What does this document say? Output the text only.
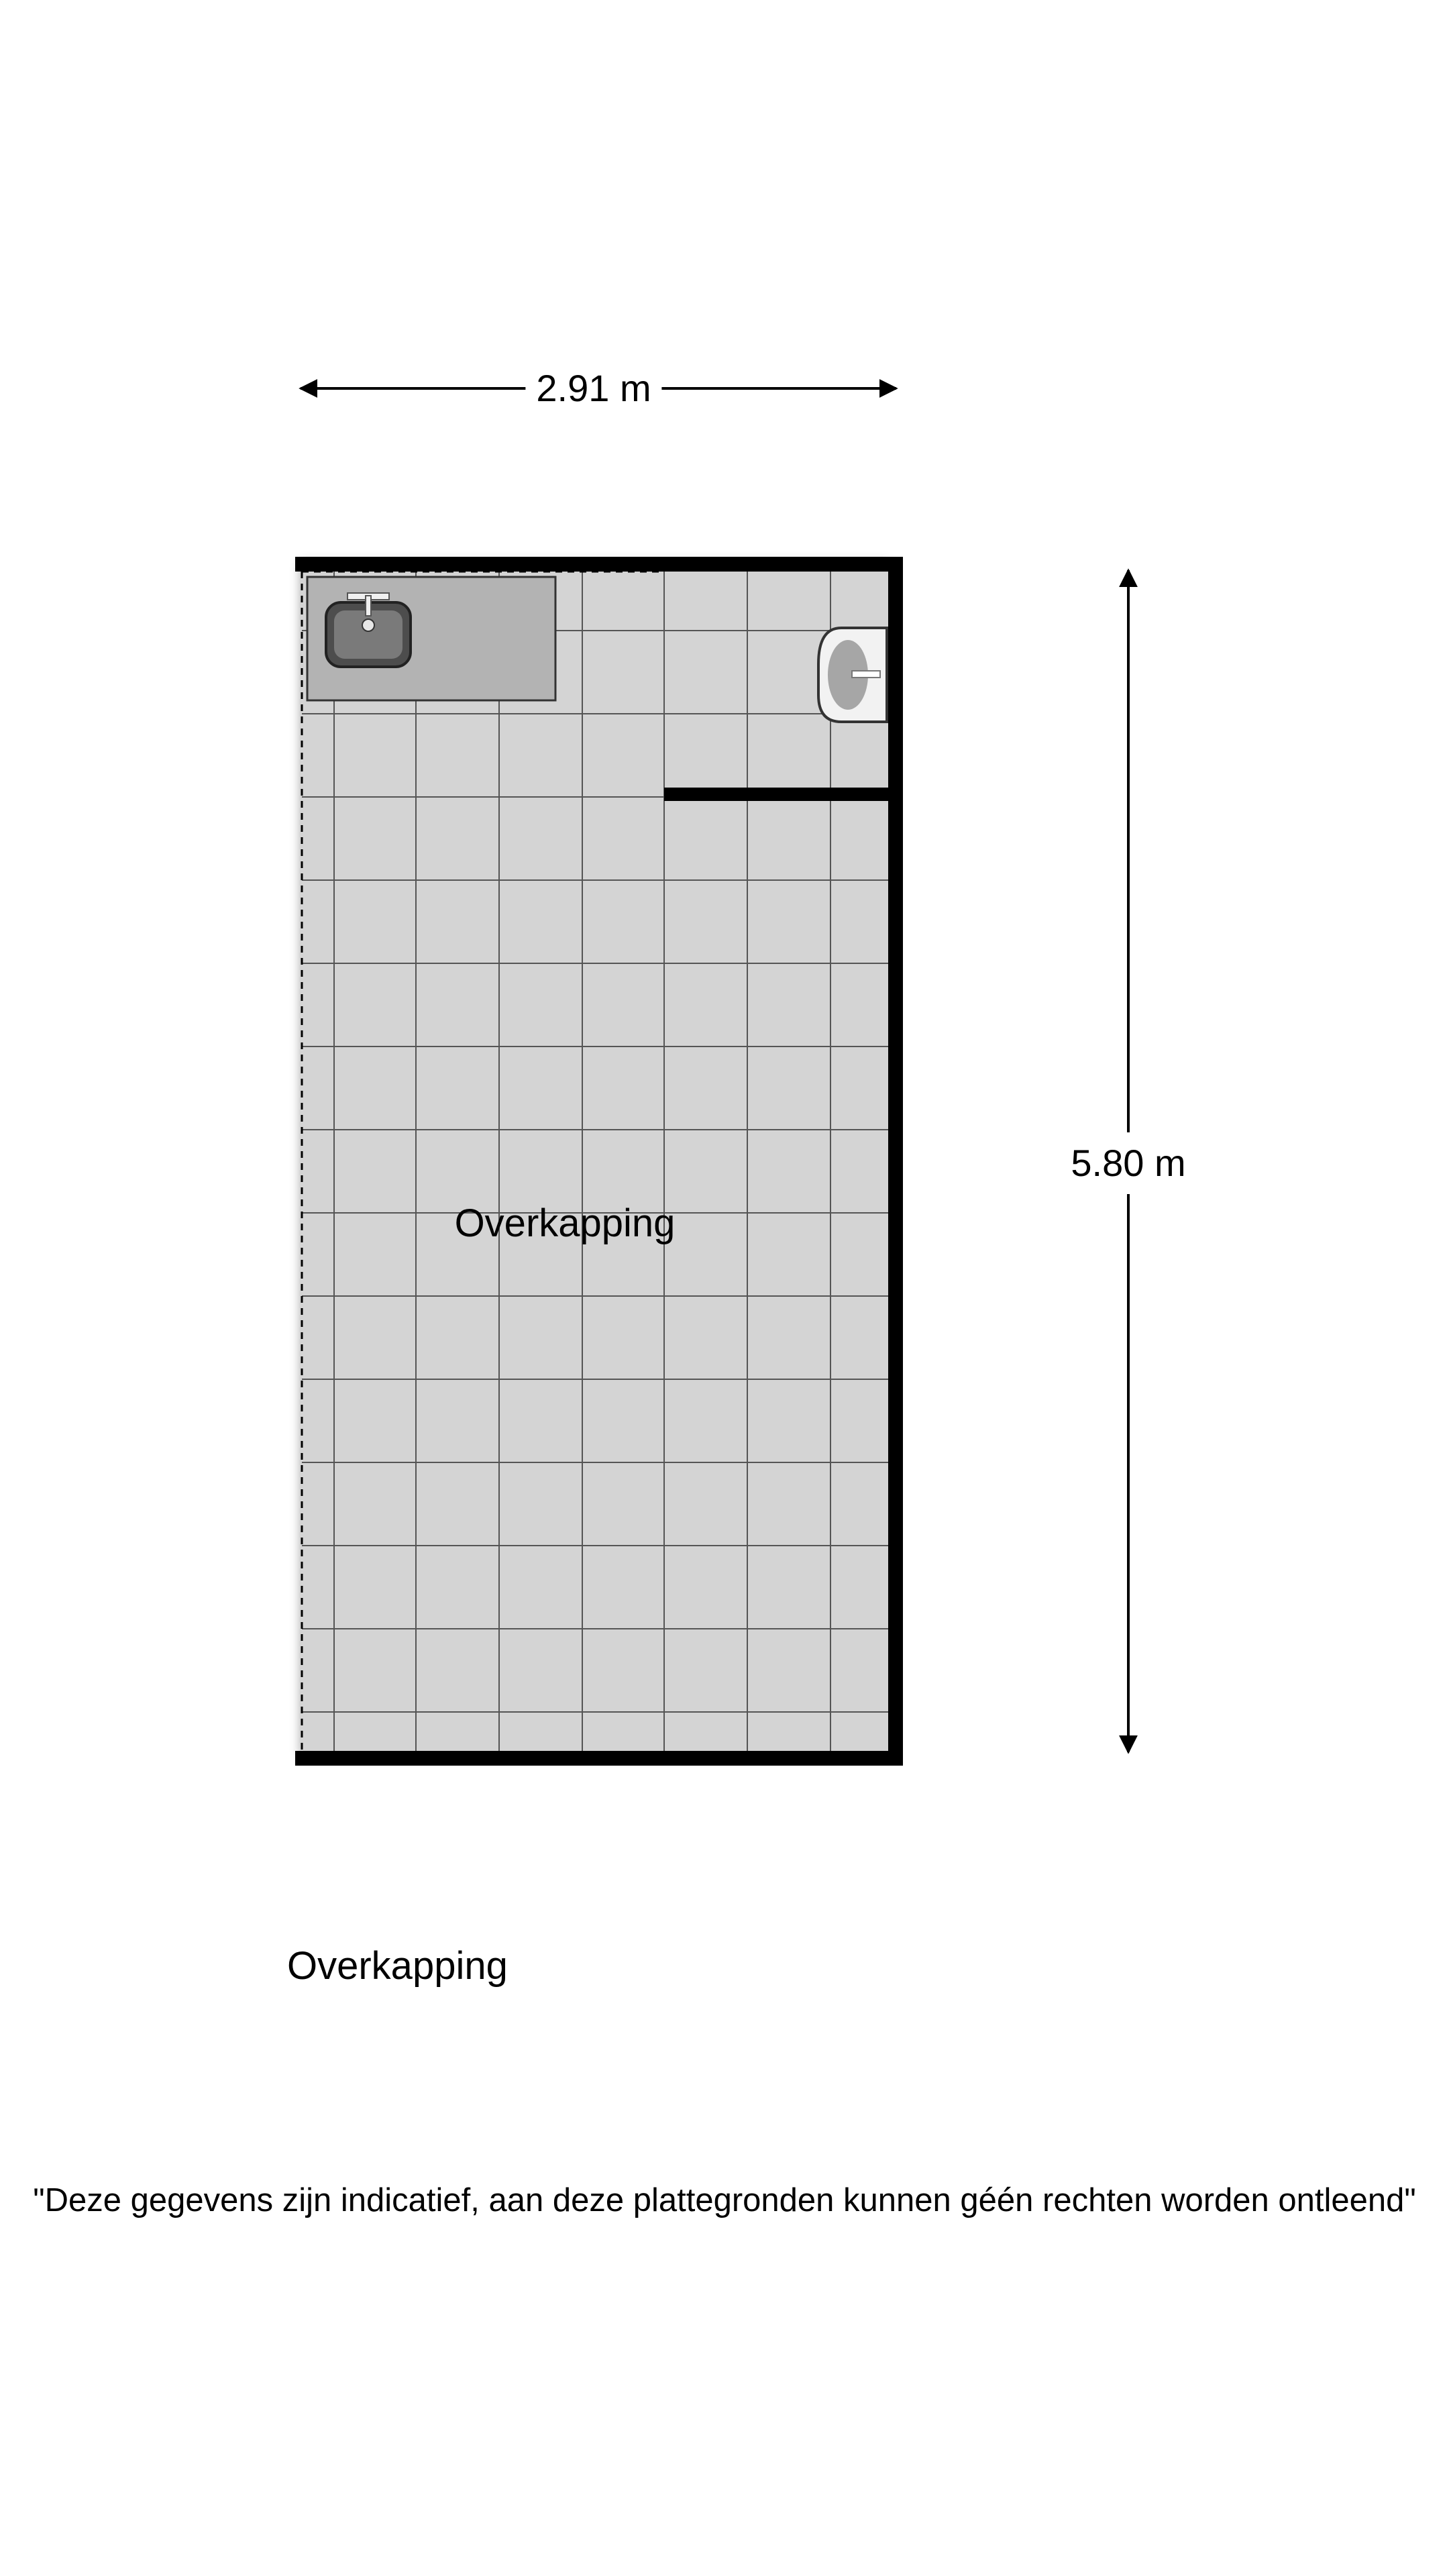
2.91 m
5.80 m
Overkapping
Overkapping
"Deze gegevens zijn indicatief, aan deze plattegronden kunnen géén rechten worden ontleend"
